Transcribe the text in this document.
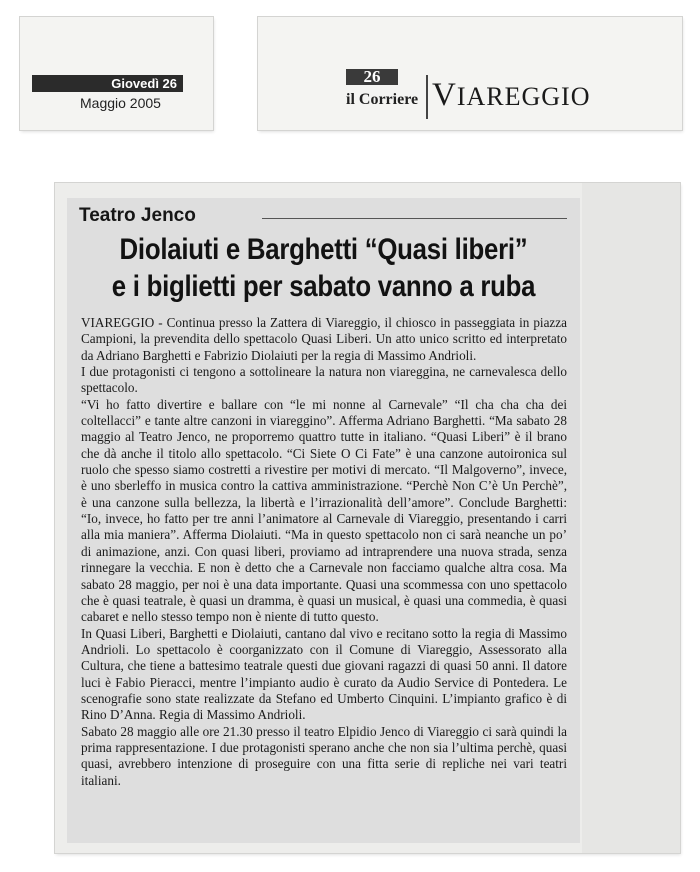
Giovedì 26
Maggio 2005
26
il Corriere VIAREGGIO
Teatro Jenco
Diolaiuti e Barghetti “Quasi liberi”
e i biglietti per sabato vanno a ruba

VIAREGGIO - Continua presso la Zattera di Viareggio, il chiosco in passeggiata in piazza Campioni, la prevendita dello spettacolo Quasi Liberi. Un atto unico scritto ed interpretato da Adriano Barghetti e Fabrizio Diolaiuti per la regia di Massimo Andrioli.

I due protagonisti ci tengono a sottolineare la natura non viareggina, ne carnevalesca dello spettacolo.

“Vi ho fatto divertire e ballare con “le mi nonne al Carnevale” “Il cha cha cha dei coltellacci” e tante altre canzoni in viareggino”. Afferma Adriano Barghetti. “Ma sabato 28 maggio al Teatro Jenco, ne proporremo quattro tutte in italiano. “Quasi Liberi” è il brano che dà anche il titolo allo spettacolo. “Ci Siete O Ci Fate” è una canzone autoironica sul ruolo che spesso siamo costretti a rivestire per motivi di mercato. “Il Malgoverno”, invece, è uno sberleffo in musica contro la cattiva amministrazione. “Perchè Non C’è Un Perchè”, è una canzone sulla bellezza, la libertà e l’irrazionalità dell’amore”. Conclude Barghetti: “Io, invece, ho fatto per tre anni l’animatore al Carnevale di Viareggio, presentando i carri alla mia maniera”. Afferma Diolaiuti. “Ma in questo spettacolo non ci sarà neanche un po’ di animazione, anzi. Con quasi liberi, proviamo ad intraprendere una nuova strada, senza rinnegare la vecchia. E non è detto che a Carnevale non facciamo qualche altra cosa. Ma sabato 28 maggio, per noi è una data importante. Quasi una scommessa con uno spettacolo che è quasi teatrale, è quasi un dramma, è quasi un musical, è quasi una commedia, è quasi cabaret e nello stesso tempo non è niente di tutto questo.

In Quasi Liberi, Barghetti e Diolaiuti, cantano dal vivo e recitano sotto la regia di Massimo Andrioli. Lo spettacolo è coorganizzato con il Comune di Viareggio, Assessorato alla Cultura, che tiene a battesimo teatrale questi due giovani ragazzi di quasi 50 anni. Il datore luci è Fabio Pieracci, mentre l’impianto audio è curato da Audio Service di Pontedera. Le scenografie sono state realizzate da Stefano ed Umberto Cinquini. L’impianto grafico è di Rino D’Anna. Regia di Massimo Andrioli.

Sabato 28 maggio alle ore 21.30 presso il teatro Elpidio Jenco di Viareggio ci sarà quindi la prima rappresentazione. I due protagonisti sperano anche che non sia l’ultima perchè, quasi quasi, avrebbero intenzione di proseguire con una fitta serie di repliche nei vari teatri italiani.
